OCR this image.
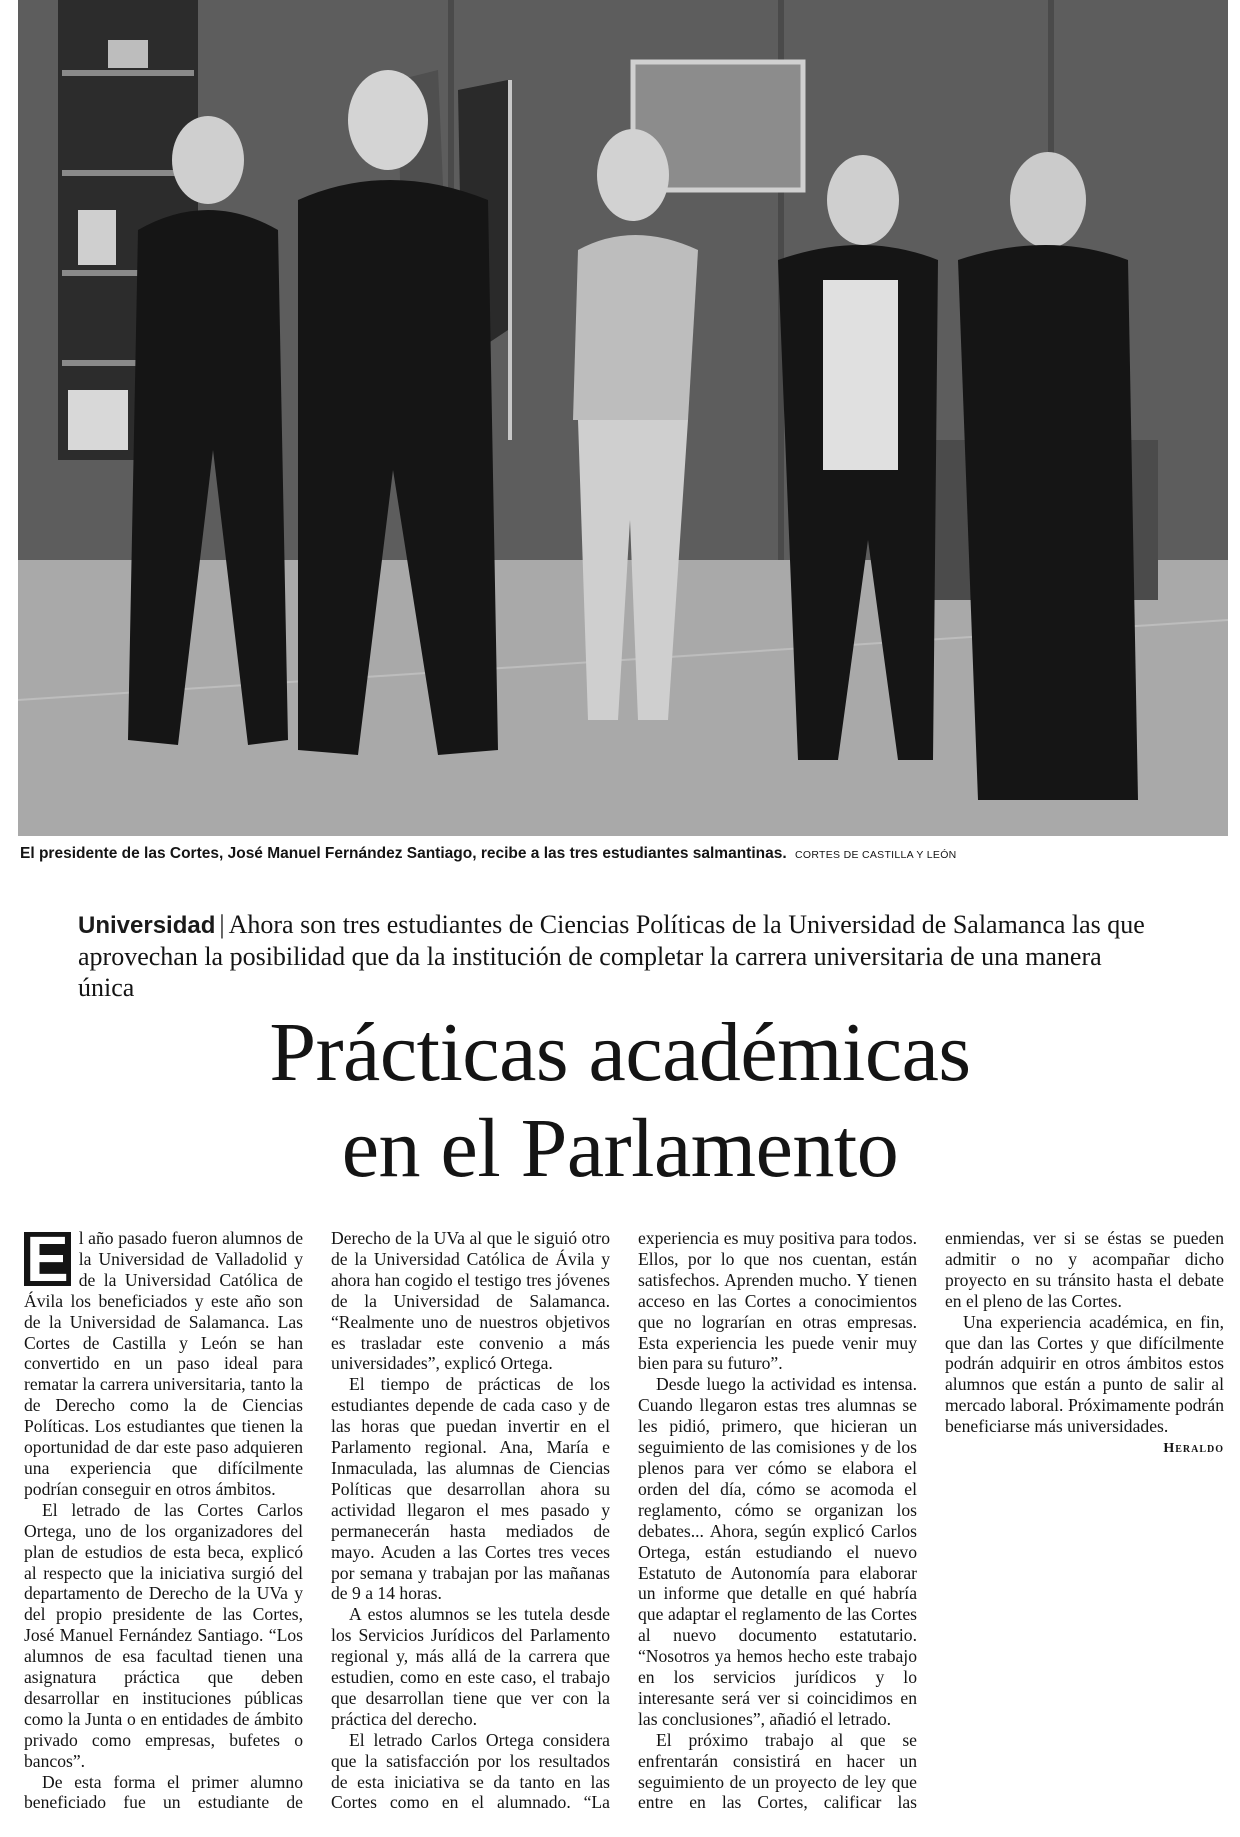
El presidente de las Cortes, José Manuel Fernández Santiago, recibe a las tres estudiantes salmantinas. CORTES DE CASTILLA Y LEÓN
Universidad | Ahora son tres estudiantes de Ciencias Políticas de la Universidad de Salamanca las que aprovechan la posibilidad que da la institución de completar la carrera universitaria de una manera única
Prácticas académicas
en el Parlamento

E l año pasado fueron alumnos de la Universidad de Valladolid y de la Universidad Católica de Ávila los beneficiados y este año son de la Universidad de Salamanca. Las Cortes de Castilla y León se han convertido en un paso ideal para rematar la carrera universitaria, tanto la de Derecho como la de Ciencias Políticas. Los estudiantes que tienen la oportunidad de dar este paso adquieren una experiencia que difícilmente podrían conseguir en otros ámbitos.

El letrado de las Cortes Carlos Ortega, uno de los organizadores del plan de estudios de esta beca, explicó al respecto que la iniciativa surgió del departamento de Derecho de la UVa y del propio presidente de las Cortes, José Manuel Fernández Santiago. “Los alumnos de esa facultad tienen una asignatura práctica que deben desarrollar en instituciones públicas como la Junta o en entidades de ámbito privado como empresas, bufetes o bancos”.

De esta forma el primer alumno beneficiado fue un estudiante de Derecho de la UVa al que le siguió otro de la Universidad Católica de Ávila y ahora han cogido el testigo tres jóvenes de la Universidad de Salamanca. “Realmente uno de nuestros objetivos es trasladar este convenio a más universidades”, explicó Ortega.

El tiempo de prácticas de los estudiantes depende de cada caso y de las horas que puedan invertir en el Parlamento regional. Ana, María e Inmaculada, las alumnas de Ciencias Políticas que desarrollan ahora su actividad llegaron el mes pasado y permanecerán hasta mediados de mayo. Acuden a las Cortes tres veces por semana y trabajan por las mañanas de 9 a 14 horas.

A estos alumnos se les tutela desde los Servicios Jurídicos del Parlamento regional y, más allá de la carrera que estudien, como en este caso, el trabajo que desarrollan tiene que ver con la práctica del derecho.

El letrado Carlos Ortega considera que la satisfacción por los resultados de esta iniciativa se da tanto en las Cortes como en el alumnado. “La experiencia es muy positiva para todos. Ellos, por lo que nos cuentan, están satisfechos. Aprenden mucho. Y tienen acceso en las Cortes a conocimientos que no lograrían en otras empresas. Esta experiencia les puede venir muy bien para su futuro”.

Desde luego la actividad es intensa. Cuando llegaron estas tres alumnas se les pidió, primero, que hicieran un seguimiento de las comisiones y de los plenos para ver cómo se elabora el orden del día, cómo se acomoda el reglamento, cómo se organizan los debates... Ahora, según explicó Carlos Ortega, están estudiando el nuevo Estatuto de Autonomía para elaborar un informe que detalle en qué habría que adaptar el reglamento de las Cortes al nuevo documento estatutario. “Nosotros ya hemos hecho este trabajo en los servicios jurídicos y lo interesante será ver si coincidimos en las conclusiones”, añadió el letrado.

El próximo trabajo al que se enfrentarán consistirá en hacer un seguimiento de un proyecto de ley que entre en las Cortes, calificar las enmiendas, ver si se éstas se pueden admitir o no y acompañar dicho proyecto en su tránsito hasta el debate en el pleno de las Cortes.

Una experiencia académica, en fin, que dan las Cortes y que difícilmente podrán adquirir en otros ámbitos estos alumnos que están a punto de salir al mercado laboral. Próximamente podrán beneficiarse más universidades.

Heraldo
